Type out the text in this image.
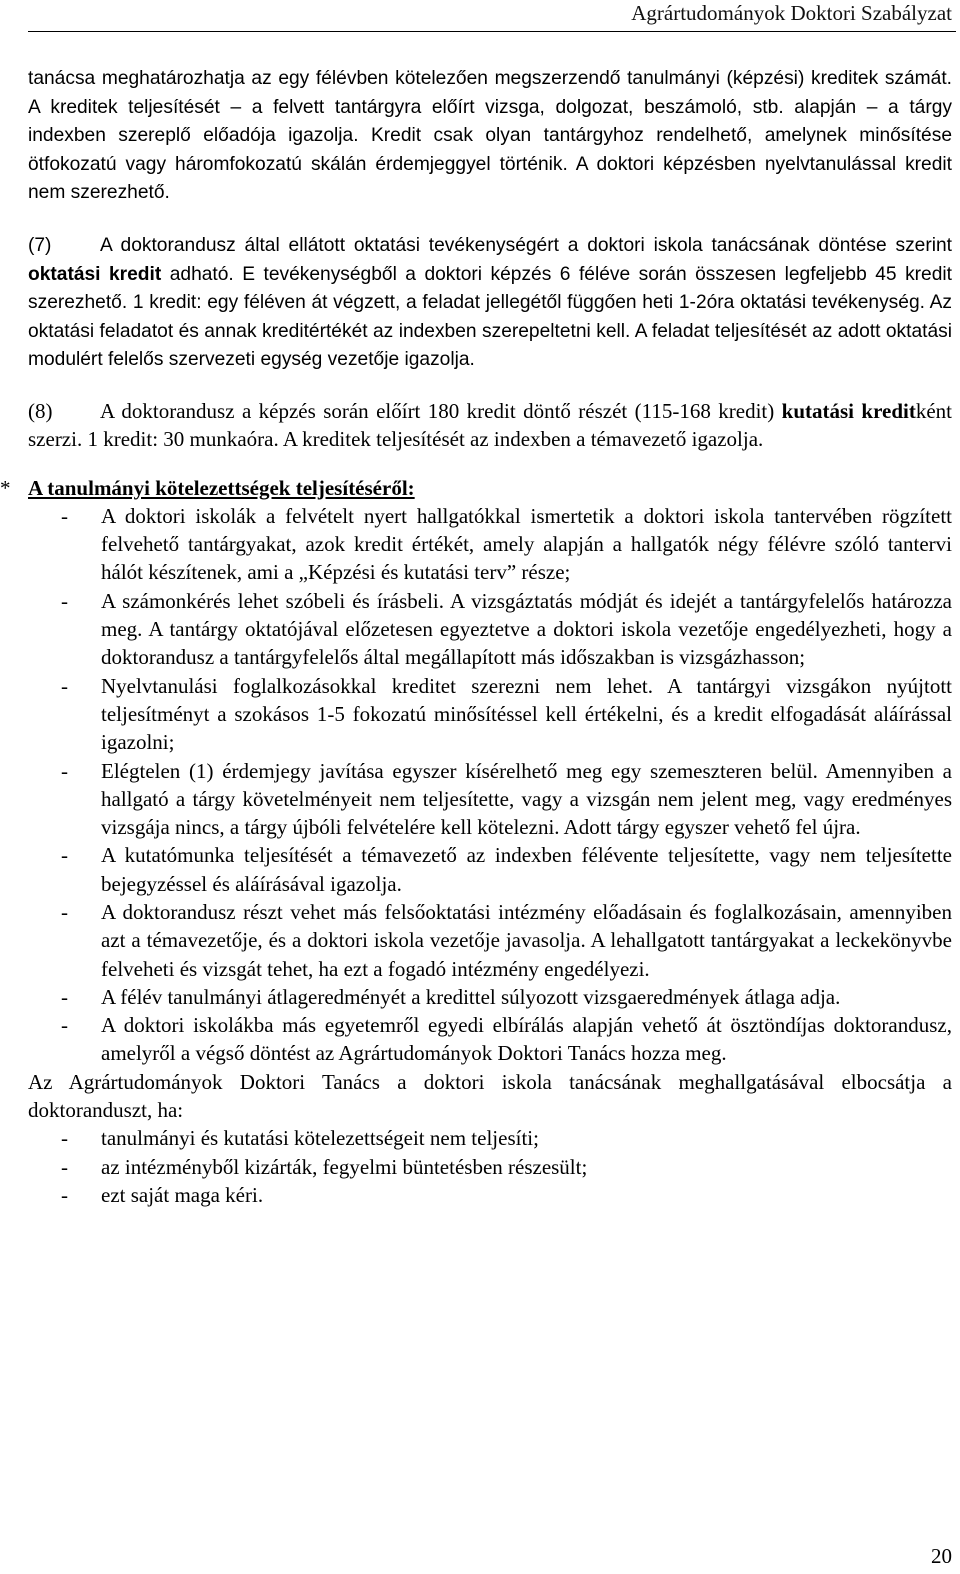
Agrártudományok Doktori Szabályzat

tanácsa meghatározhatja az egy félévben kötelezően megszerzendő tanulmányi (képzési) kreditek számát. A kreditek teljesítését – a felvett tantárgyra előírt vizsga, dolgozat, beszámoló, stb. alapján – a tárgy indexben szereplő előadója igazolja. Kredit csak olyan tantárgyhoz rendelhető, amelynek minősítése ötfokozatú vagy háromfokozatú skálán érdemjeggyel történik. A doktori képzésben nyelvtanulással kredit nem szerezhető.

(7)	A doktorandusz által ellátott oktatási tevékenységért a doktori iskola tanácsának döntése szerint oktatási kredit adható. E tevékenységből a doktori képzés 6 féléve során összesen legfeljebb 45 kredit szerezhető. 1 kredit: egy féléven át végzett, a feladat jellegétől függően heti 1-2óra oktatási tevékenység. Az oktatási feladatot és annak kreditértékét az indexben szerepeltetni kell. A feladat teljesítését az adott oktatási modulért felelős szervezeti egység vezetője igazolja.

(8) A doktorandusz a képzés során előírt 180 kredit döntő részét (115-168 kredit) kutatási kreditként szerzi. 1 kredit: 30 munkaóra. A kreditek teljesítését az indexben a témavezető igazolja.

* A tanulmányi kötelezettségek teljesítéséről:
- A doktori iskolák a felvételt nyert hallgatókkal ismertetik a doktori iskola tantervében rögzített felvehető tantárgyakat, azok kredit értékét, amely alapján a hallgatók négy félévre szóló tantervi hálót készítenek, ami a „Képzési és kutatási terv” része;
- A számonkérés lehet szóbeli és írásbeli. A vizsgáztatás módját és idejét a tantárgyfelelős határozza meg. A tantárgy oktatójával előzetesen egyeztetve a doktori iskola vezetője engedélyezheti, hogy a doktorandusz a tantárgyfelelős által megállapított más időszakban is vizsgázhasson;
- Nyelvtanulási foglalkozásokkal kreditet szerezni nem lehet. A tantárgyi vizsgákon nyújtott teljesítményt a szokásos 1-5 fokozatú minősítéssel kell értékelni, és a kredit elfogadását aláírással igazolni;
- Elégtelen (1) érdemjegy javítása egyszer kísérelhető meg egy szemeszteren belül. Amennyiben a hallgató a tárgy követelményeit nem teljesítette, vagy a vizsgán nem jelent meg, vagy eredményes vizsgája nincs, a tárgy újbóli felvételére kell kötelezni. Adott tárgy egyszer vehető fel újra.
- A kutatómunka teljesítését a témavezető az indexben félévente teljesítette, vagy nem teljesítette bejegyzéssel és aláírásával igazolja.
- A doktorandusz részt vehet más felsőoktatási intézmény előadásain és foglalkozásain, amennyiben azt a témavezetője, és a doktori iskola vezetője javasolja. A lehallgatott tantárgyakat a leckekönyvbe felveheti és vizsgát tehet, ha ezt a fogadó intézmény engedélyezi.
- A félév tanulmányi átlageredményét a kredittel súlyozott vizsgaeredmények átlaga adja.
- A doktori iskolákba más egyetemről egyedi elbírálás alapján vehető át ösztöndíjas doktorandusz, amelyről a végső döntést az Agrártudományok Doktori Tanács hozza meg.

Az Agrártudományok Doktori Tanács a doktori iskola tanácsának meghallgatásával elbocsátja a doktoranduszt, ha:

- tanulmányi és kutatási kötelezettségeit nem teljesíti;
- az intézményből kizárták, fegyelmi büntetésben részesült;
- ezt saját maga kéri.
20
